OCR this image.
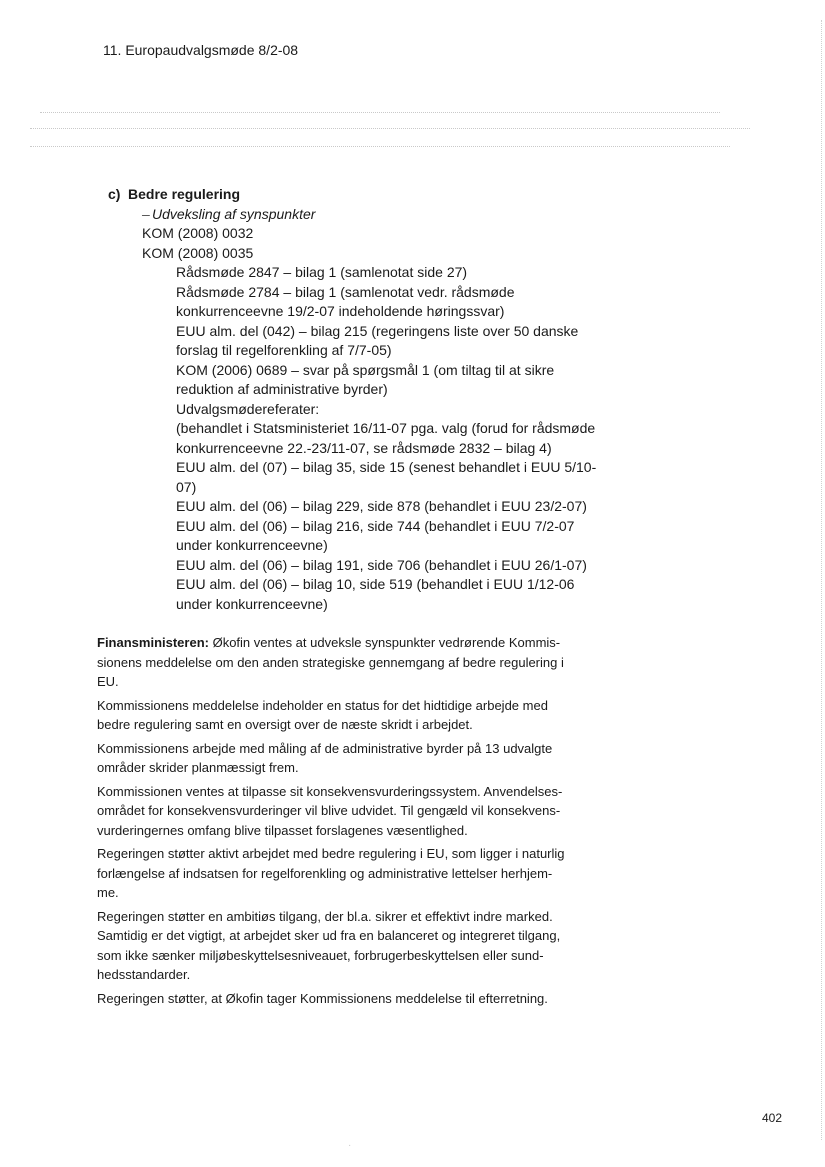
11. Europaudvalgsmøde 8/2-08
c) Bedre regulering
– Udveksling af synspunkter
KOM (2008) 0032
KOM (2008) 0035
Rådsmøde 2847 – bilag 1 (samlenotat side 27)
Rådsmøde 2784 – bilag 1 (samlenotat vedr. rådsmøde
konkurrenceevne 19/2-07 indeholdende høringssvar)
EUU alm. del (042) – bilag 215 (regeringens liste over 50 danske
forslag til regelforenkling af 7/7-05)
KOM (2006) 0689 – svar på spørgsmål 1 (om tiltag til at sikre
reduktion af administrative byrder)
Udvalgsmødereferater:
(behandlet i Statsministeriet 16/11-07 pga. valg (forud for rådsmøde
konkurrenceevne 22.-23/11-07, se rådsmøde 2832 – bilag 4)
EUU alm. del (07) – bilag 35, side 15 (senest behandlet i EUU 5/10-
07)
EUU alm. del (06) – bilag 229, side 878 (behandlet i EUU 23/2-07)
EUU alm. del (06) – bilag 216, side 744 (behandlet i EUU 7/2-07
under konkurrenceevne)
EUU alm. del (06) – bilag 191, side 706 (behandlet i EUU 26/1-07)
EUU alm. del (06) – bilag 10, side 519 (behandlet i EUU 1/12-06
under konkurrenceevne)

Finansministeren: Økofin ventes at udveksle synspunkter vedrørende Kommis-
sionens meddelelse om den anden strategiske gennemgang af bedre regulering i
EU.

Kommissionens meddelelse indeholder en status for det hidtidige arbejde med
bedre regulering samt en oversigt over de næste skridt i arbejdet.

Kommissionens arbejde med måling af de administrative byrder på 13 udvalgte
områder skrider planmæssigt frem.

Kommissionen ventes at tilpasse sit konsekvensvurderingssystem. Anvendelses-
området for konsekvensvurderinger vil blive udvidet. Til gengæld vil konsekvens-
vurderingernes omfang blive tilpasset forslagenes væsentlighed.

Regeringen støtter aktivt arbejdet med bedre regulering i EU, som ligger i naturlig
forlængelse af indsatsen for regelforenkling og administrative lettelser herhjem-
me.

Regeringen støtter en ambitiøs tilgang, der bl.a. sikrer et effektivt indre marked.
Samtidig er det vigtigt, at arbejdet sker ud fra en balanceret og integreret tilgang,
som ikke sænker miljøbeskyttelsesniveauet, forbrugerbeskyttelsen eller sund-
hedsstandarder.

Regeringen støtter, at Økofin tager Kommissionens meddelelse til efterretning.

402
·
